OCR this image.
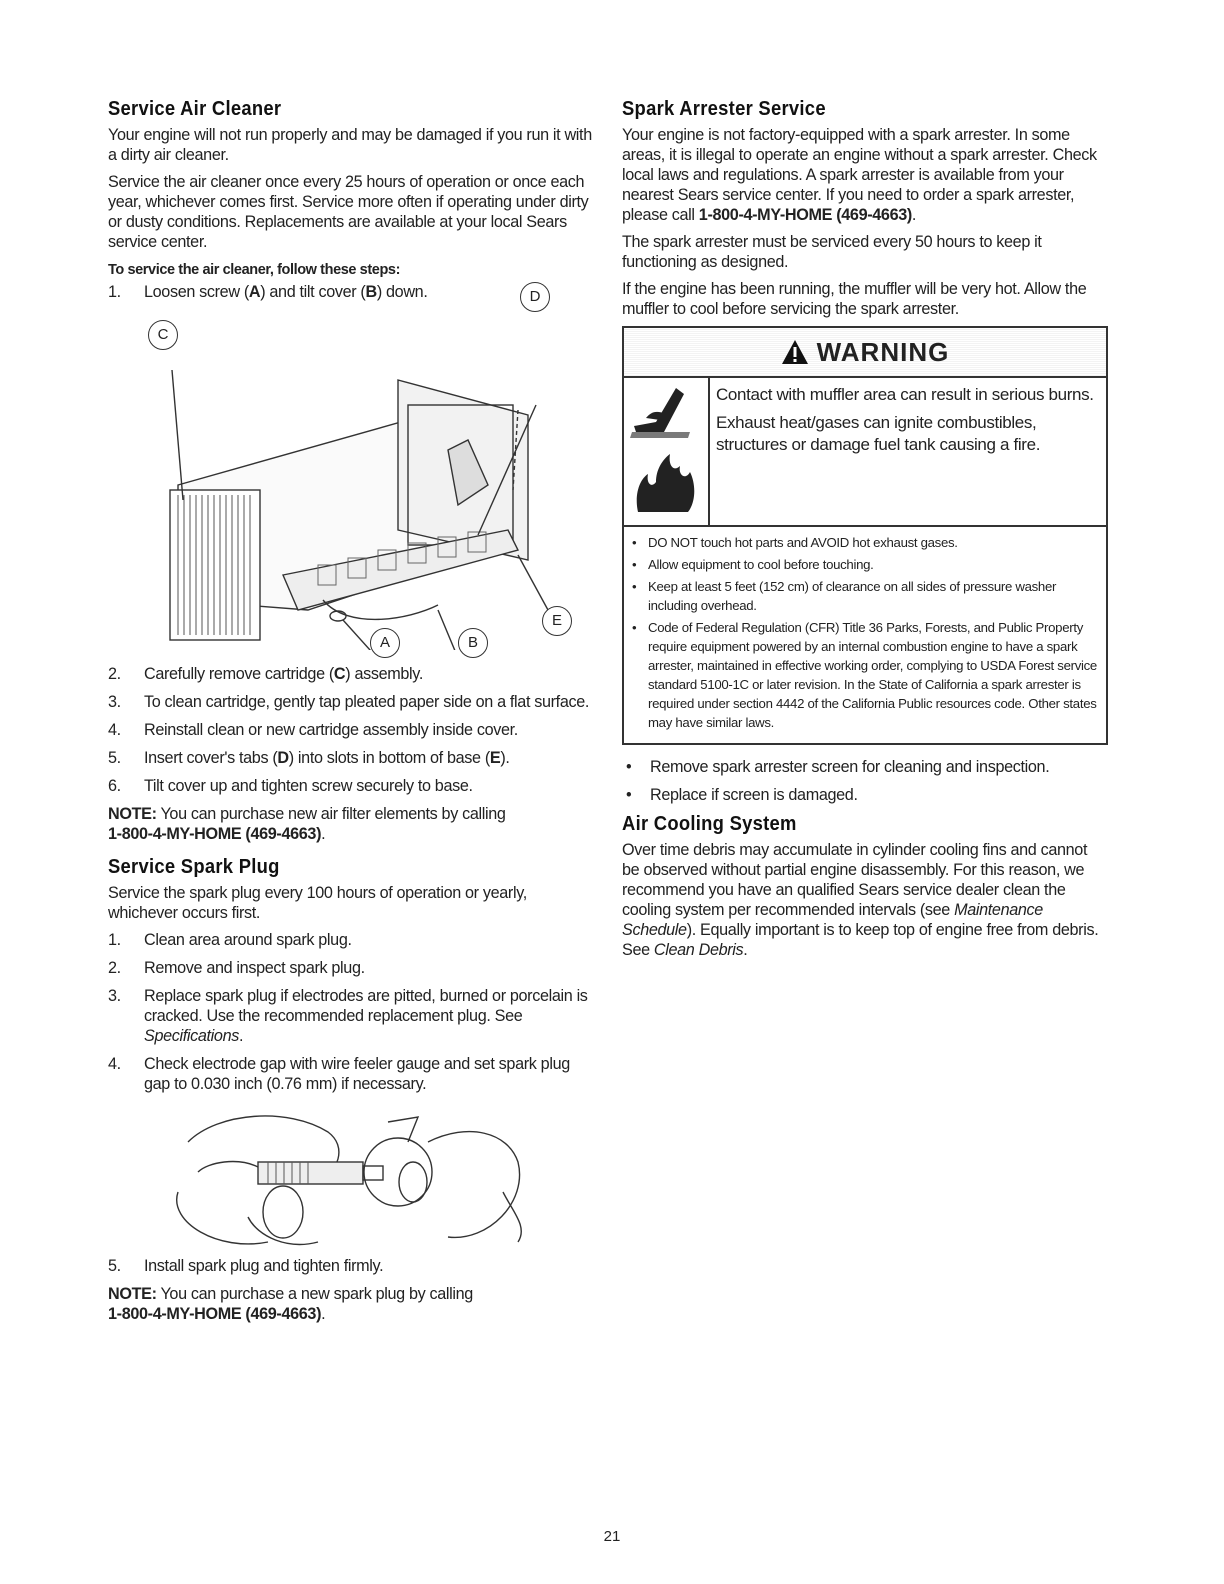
Service Air Cleaner

Your engine will not run properly and may be damaged if you run it with a dirty air cleaner.

Service the air cleaner once every 25 hours of operation or once each year, whichever comes first. Service more often if operating under dirty or dusty conditions. Replacements are available at your local Sears service center.

To service the air cleaner, follow these steps:
1. Loosen screw (A) and tilt cover (B) down.
C
D
E
A	B
2. Carefully remove cartridge (C) assembly.
3. To clean cartridge, gently tap pleated paper side on a flat surface.
4. Reinstall clean or new cartridge assembly inside cover.
5. Insert cover's tabs (D) into slots in bottom of base (E).
6. Tilt cover up and tighten screw securely to base.

NOTE: You can purchase new air filter elements by calling
1-800-4-MY-HOME (469-4663).

Service Spark Plug

Service the spark plug every 100 hours of operation or yearly, whichever occurs first.

1. Clean area around spark plug.
2. Remove and inspect spark plug.
3. Replace spark plug if electrodes are pitted, burned or porcelain is cracked. Use the recommended replacement plug. See Specifications.
4. Check electrode gap with wire feeler gauge and set spark plug gap to 0.030 inch (0.76 mm) if necessary.
5. Install spark plug and tighten firmly.

NOTE: You can purchase a new spark plug by calling
1-800-4-MY-HOME (469-4663).

Spark Arrester Service

Your engine is not factory-equipped with a spark arrester. In some areas, it is illegal to operate an engine without a spark arrester. Check local laws and regulations. A spark arrester is available from your nearest Sears service center. If you need to order a spark arrester, please call 1-800-4-MY-HOME (469-4663).

The spark arrester must be serviced every 50 hours to keep it functioning as designed.

If the engine has been running, the muffler will be very hot. Allow the muffler to cool before servicing the spark arrester.

WARNING

Contact with muffler area can result in serious burns.

Exhaust heat/gases can ignite combustibles, structures or damage fuel tank causing a fire.

• DO NOT touch hot parts and AVOID hot exhaust gases.
• Allow equipment to cool before touching.
• Keep at least 5 feet (152 cm) of clearance on all sides of pressure washer including overhead.
• Code of Federal Regulation (CFR) Title 36 Parks, Forests, and Public Property require equipment powered by an internal combustion engine to have a spark arrester, maintained in effective working order, complying to USDA Forest service standard 5100-1C or later revision. In the State of California a spark arrester is required under section 4442 of the California Public resources code. Other states may have similar laws.
• Remove spark arrester screen for cleaning and inspection.
• Replace if screen is damaged.
Air Cooling System

Over time debris may accumulate in cylinder cooling fins and cannot be observed without partial engine disassembly. For this reason, we recommend you have an qualified Sears service dealer clean the cooling system per recommended intervals (see Maintenance Schedule). Equally important is to keep top of engine free from debris. See Clean Debris.

21
